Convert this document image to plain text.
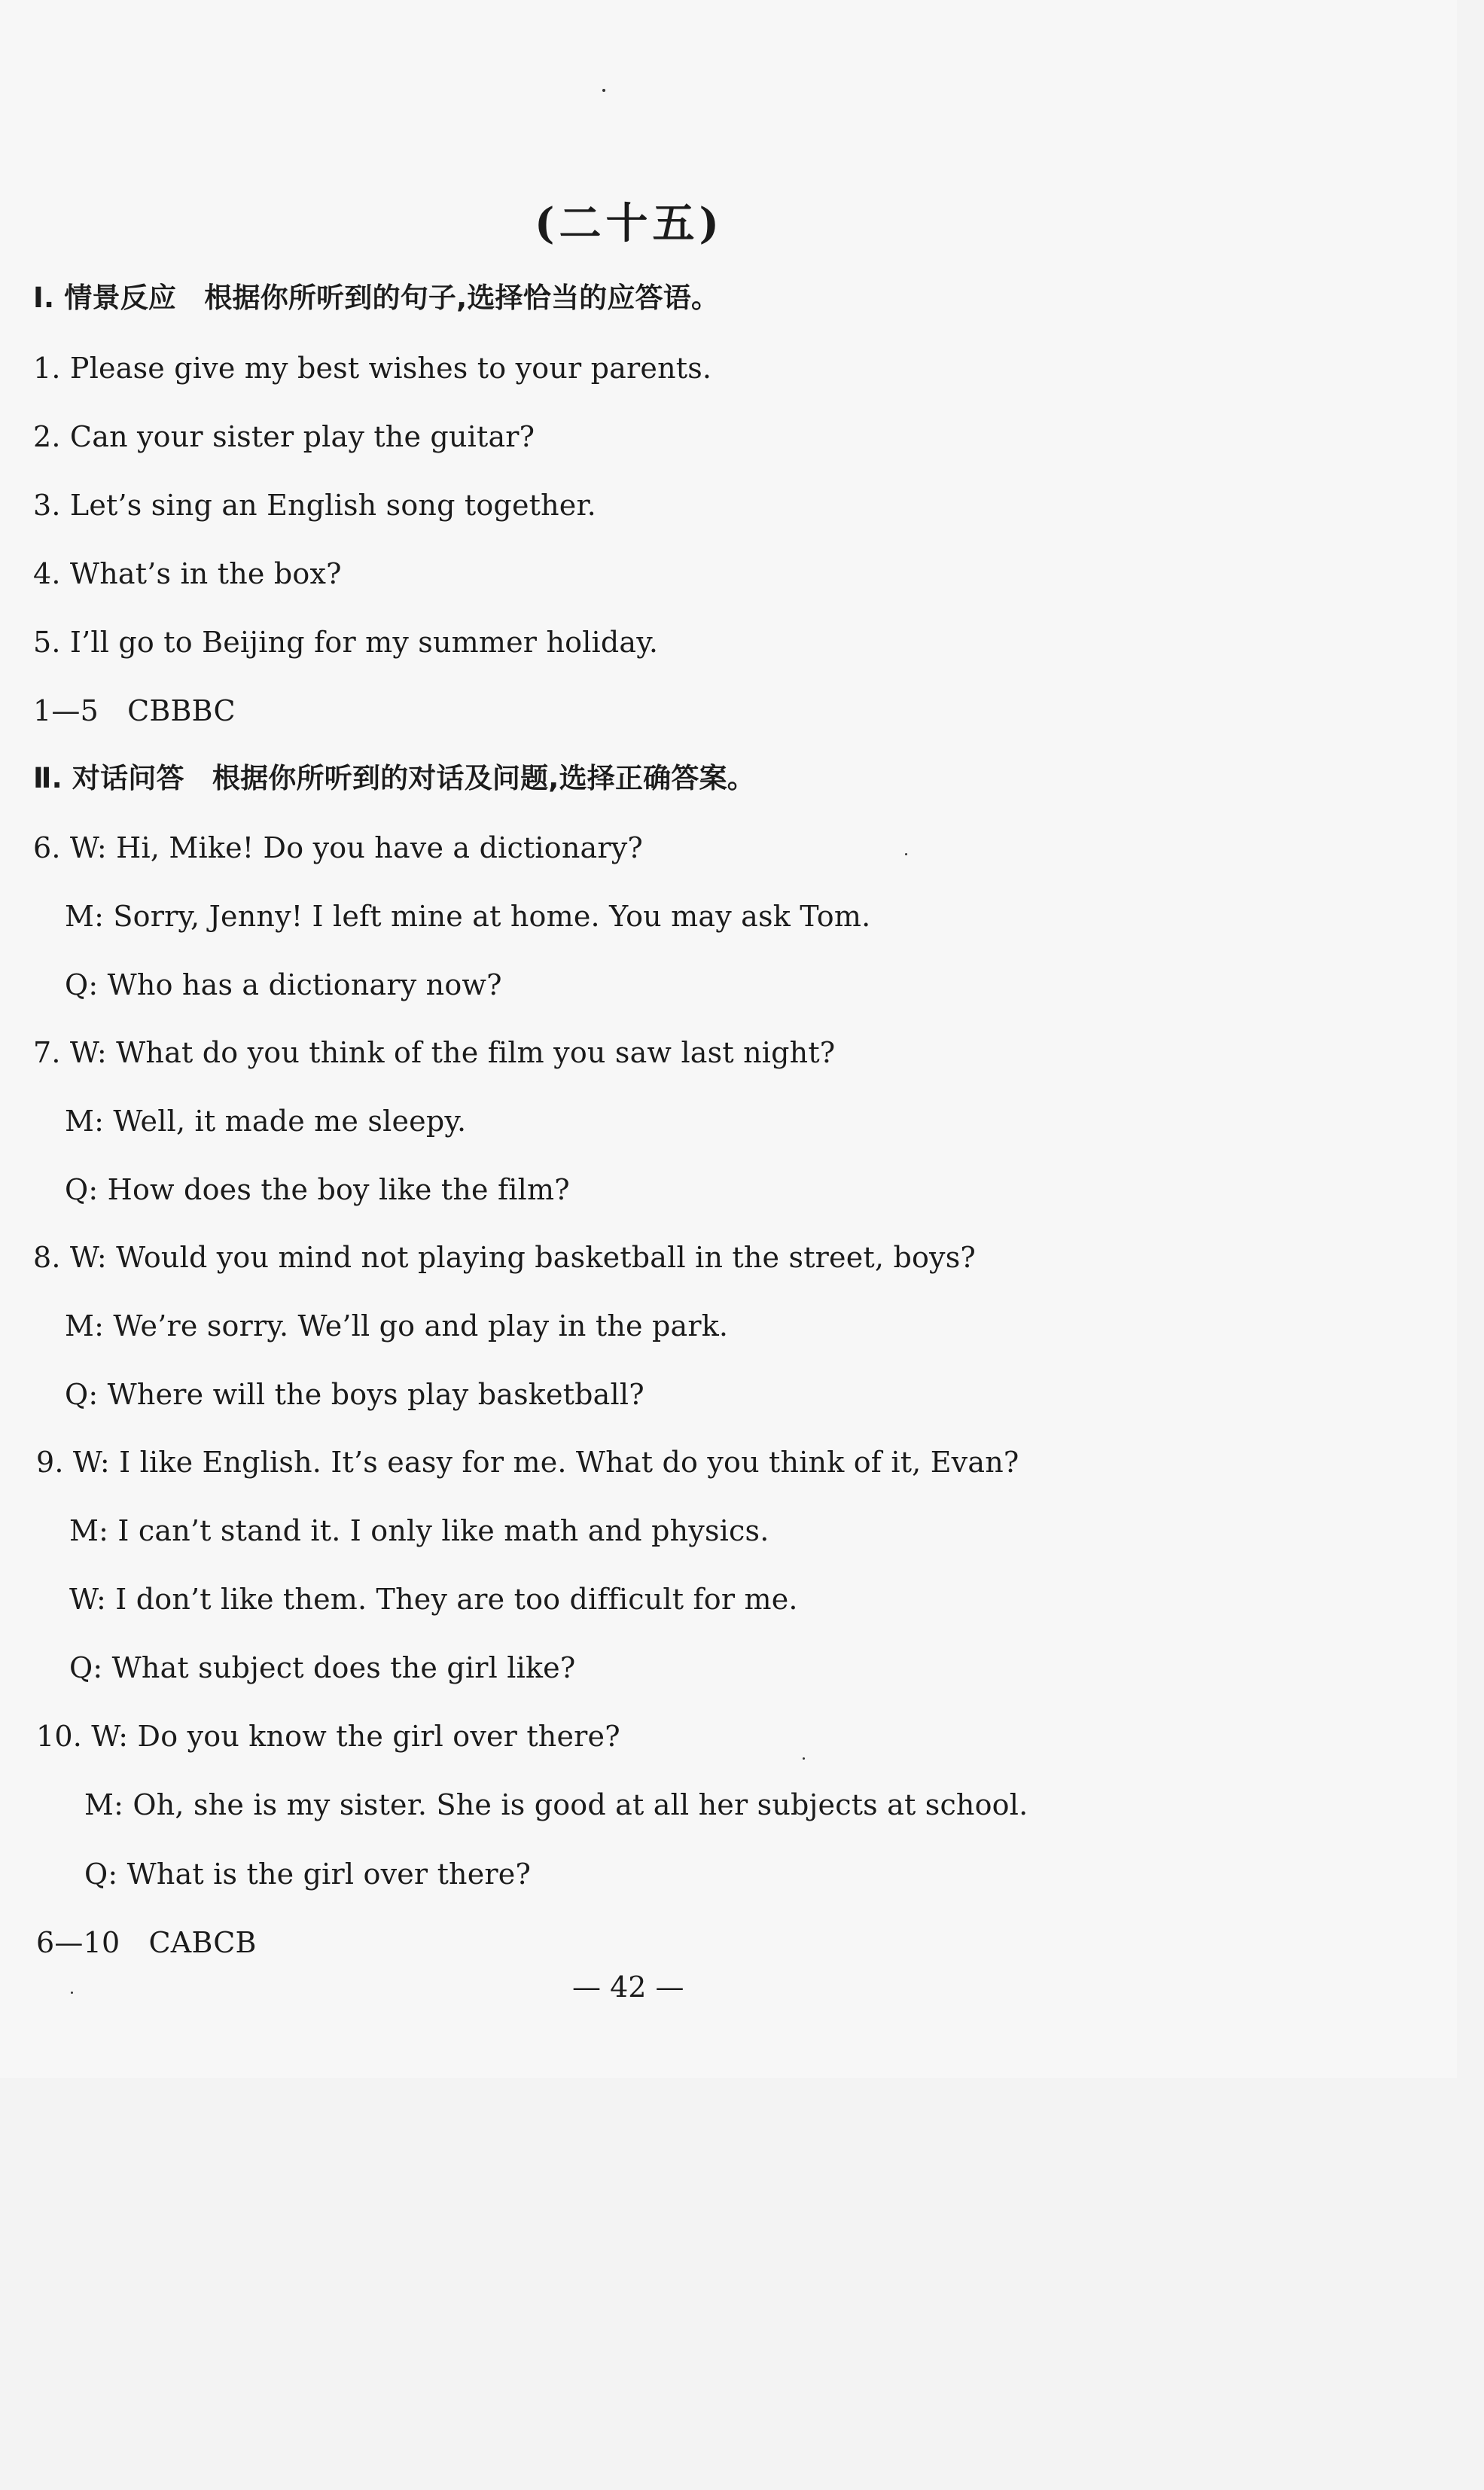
(二十五)
Ⅰ. 情景反应　根据你所听到的句子,选择恰当的应答语。
1. Please give my best wishes to your parents.
2. Can your sister play the guitar?
3. Let’s sing an English song together.
4. What’s in the box?
5. I’ll go to Beijing for my summer holiday.
1—5　CBBBC
Ⅱ. 对话问答　根据你所听到的对话及问题,选择正确答案。
6. W: Hi, Mike! Do you have a dictionary?
M: Sorry, Jenny! I left mine at home. You may ask Tom.
Q: Who has a dictionary now?
7. W: What do you think of the film you saw last night?
M: Well, it made me sleepy.
Q: How does the boy like the film?
8. W: Would you mind not playing basketball in the street, boys?
M: We’re sorry. We’ll go and play in the park.
Q: Where will the boys play basketball?
9. W: I like English. It’s easy for me. What do you think of it, Evan?
M: I can’t stand it. I only like math and physics.
W: I don’t like them. They are too difficult for me.
Q: What subject does the girl like?
10. W: Do you know the girl over there?
M: Oh, she is my sister. She is good at all her subjects at school.
Q: What is the girl over there?
6—10　CABCB
— 42 —
